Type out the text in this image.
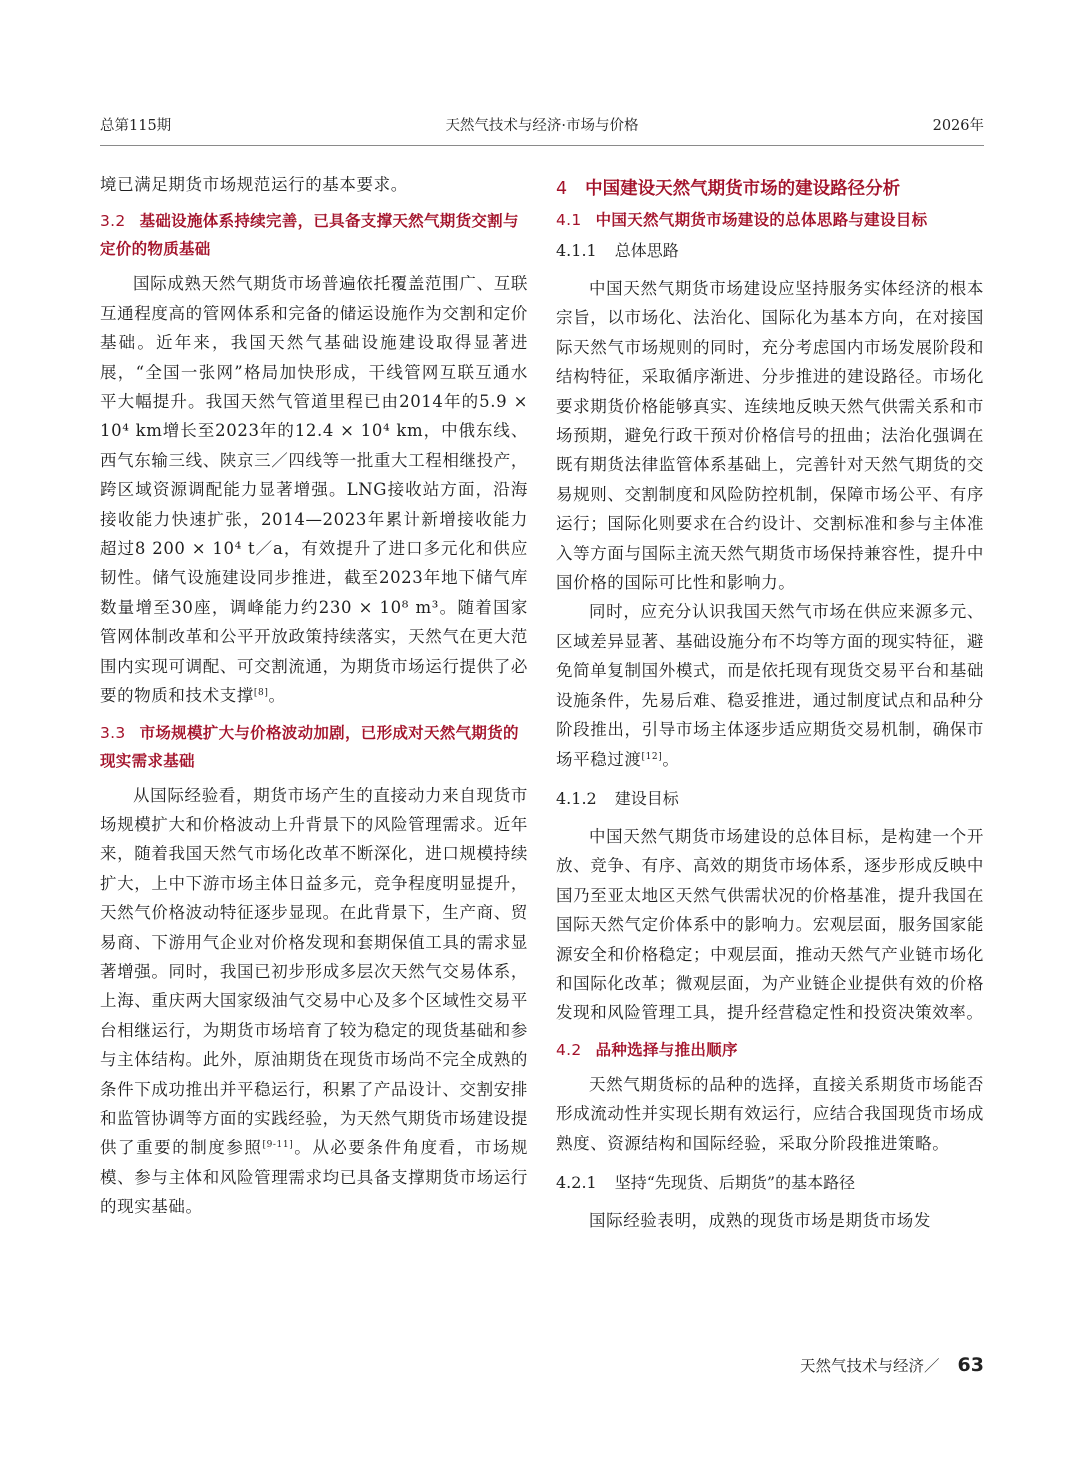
总第115期	天然气技术与经济·市场与价格	2026年

境已满足期货市场规范运行的基本要求。

3.2 基础设施体系持续完善，已具备支撑天然气期货交割与定价的物质基础

国际成熟天然气期货市场普遍依托覆盖范围广、互联互通程度高的管网体系和完备的储运设施作为交割和定价基础。近年来，我国天然气基础设施建设取得显著进展，“全国一张网”格局加快形成，干线管网互联互通水平大幅提升。我国天然气管道里程已由2014年的5.9 × 10⁴ km增长至2023年的12.4 × 10⁴ km，中俄东线、西气东输三线、陕京三／四线等一批重大工程相继投产，跨区域资源调配能力显著增强。LNG接收站方面，沿海接收能力快速扩张，2014—2023年累计新增接收能力超过8 200 × 10⁴ t／a，有效提升了进口多元化和供应韧性。储气设施建设同步推进，截至2023年地下储气库数量增至30座，调峰能力约230 × 10⁸ m³。随着国家管网体制改革和公平开放政策持续落实，天然气在更大范围内实现可调配、可交割流通，为期货市场运行提供了必要的物质和技术支撑[8]。

3.3 市场规模扩大与价格波动加剧，已形成对天然气期货的现实需求基础

从国际经验看，期货市场产生的直接动力来自现货市场规模扩大和价格波动上升背景下的风险管理需求。近年来，随着我国天然气市场化改革不断深化，进口规模持续扩大，上中下游市场主体日益多元，竞争程度明显提升，天然气价格波动特征逐步显现。在此背景下，生产商、贸易商、下游用气企业对价格发现和套期保值工具的需求显著增强。同时，我国已初步形成多层次天然气交易体系，上海、重庆两大国家级油气交易中心及多个区域性交易平台相继运行，为期货市场培育了较为稳定的现货基础和参与主体结构。此外，原油期货在现货市场尚不完全成熟的条件下成功推出并平稳运行，积累了产品设计、交割安排和监管协调等方面的实践经验，为天然气期货市场建设提供了重要的制度参照[9-11]。从必要条件角度看，市场规模、参与主体和风险管理需求均已具备支撑期货市场运行的现实基础。

4 中国建设天然气期货市场的建设路径分析
4.1 中国天然气期货市场建设的总体思路与建设目标
4.1.1 总体思路

中国天然气期货市场建设应坚持服务实体经济的根本宗旨，以市场化、法治化、国际化为基本方向，在对接国际天然气市场规则的同时，充分考虑国内市场发展阶段和结构特征，采取循序渐进、分步推进的建设路径。市场化要求期货价格能够真实、连续地反映天然气供需关系和市场预期，避免行政干预对价格信号的扭曲；法治化强调在既有期货法律监管体系基础上，完善针对天然气期货的交易规则、交割制度和风险防控机制，保障市场公平、有序运行；国际化则要求在合约设计、交割标准和参与主体准入等方面与国际主流天然气期货市场保持兼容性，提升中国价格的国际可比性和影响力。

同时，应充分认识我国天然气市场在供应来源多元、区域差异显著、基础设施分布不均等方面的现实特征，避免简单复制国外模式，而是依托现有现货交易平台和基础设施条件，先易后难、稳妥推进，通过制度试点和品种分阶段推出，引导市场主体逐步适应期货交易机制，确保市场平稳过渡[12]。

4.1.2 建设目标

中国天然气期货市场建设的总体目标，是构建一个开放、竞争、有序、高效的期货市场体系，逐步形成反映中国乃至亚太地区天然气供需状况的价格基准，提升我国在国际天然气定价体系中的影响力。宏观层面，服务国家能源安全和价格稳定；中观层面，推动天然气产业链市场化和国际化改革；微观层面，为产业链企业提供有效的价格发现和风险管理工具，提升经营稳定性和投资决策效率。

4.2 品种选择与推出顺序

天然气期货标的品种的选择，直接关系期货市场能否形成流动性并实现长期有效运行，应结合我国现货市场成熟度、资源结构和国际经验，采取分阶段推进策略。

4.2.1 坚持“先现货、后期货”的基本路径

国际经验表明，成熟的现货市场是期货市场发

天然气技术与经济／ 63
